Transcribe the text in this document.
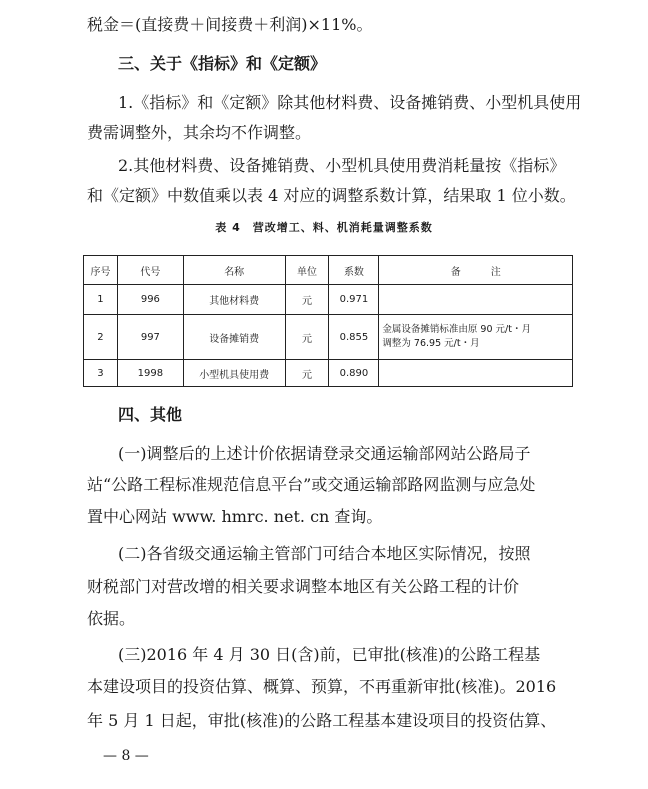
税金＝(直接费＋间接费＋利润)×11%。
三、关于《指标》和《定额》
1.《指标》和《定额》除其他材料费、设备摊销费、小型机具使用
费需调整外，其余均不作调整。
2.其他材料费、设备摊销费、小型机具使用费消耗量按《指标》
和《定额》中数值乘以表 4 对应的调整系数计算，结果取 1 位小数。
表 4　营改增工、料、机消耗量调整系数
序号	代号	名称	单位	系数	备　　　注
1	996	其他材料费	元	0.971	
2	997	设备摊销费	元	0.855	金属设备摊销标准由原 90 元/t・月
调整为 76.95 元/t・月

3	1998	小型机具使用费	元	0.890	
四、其他
(一)调整后的上述计价依据请登录交通运输部网站公路局子
站“公路工程标准规范信息平台”或交通运输部路网监测与应急处
置中心网站 www. hmrc. net. cn 查询。
(二)各省级交通运输主管部门可结合本地区实际情况，按照
财税部门对营改增的相关要求调整本地区有关公路工程的计价
依据。
(三)2016 年 4 月 30 日(含)前，已审批(核准)的公路工程基
本建设项目的投资估算、概算、预算，不再重新审批(核准)。2016
年 5 月 1 日起，审批(核准)的公路工程基本建设项目的投资估算、
— 8 —
